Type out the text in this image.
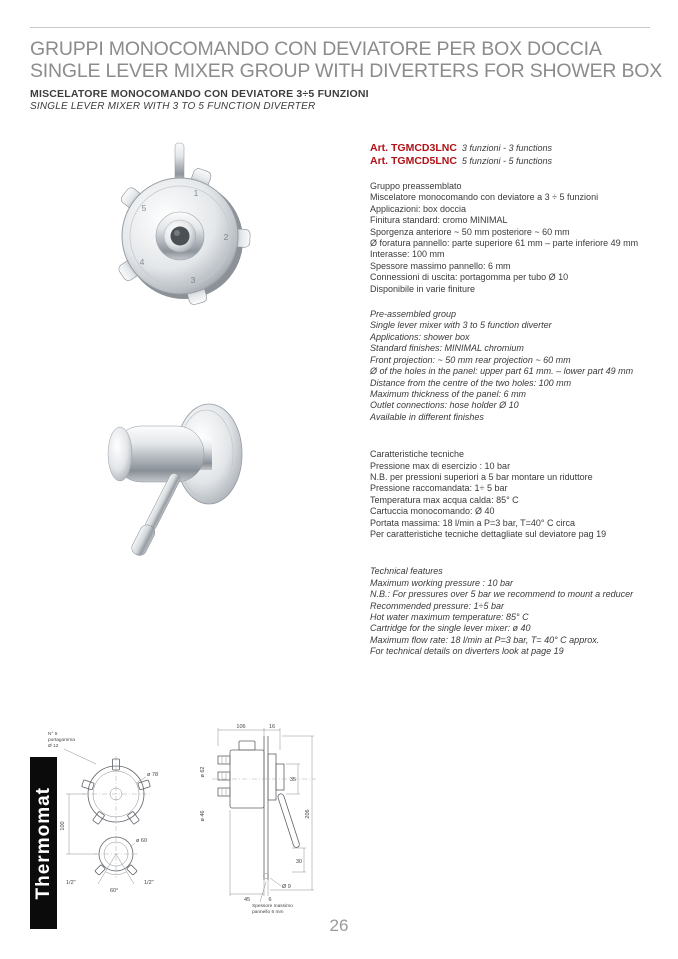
GRUPPI MONOCOMANDO CON DEVIATORE PER BOX DOCCIA
SINGLE LEVER MIXER GROUP WITH DIVERTERS FOR SHOWER BOX
MISCELATORE MONOCOMANDO CON DEVIATORE 3÷5 FUNZIONI
SINGLE LEVER MIXER WITH 3 TO 5 FUNCTION DIVERTER
1
2
3
4
5
Art. TGMCD3LNC 3 funzioni - 3 functions
Art. TGMCD5LNC 5 funzioni - 5 functions
Gruppo preassemblato
Miscelatore monocomando con deviatore a 3 ÷ 5 funzioni
Applicazioni: box doccia
Finitura standard: cromo MINIMAL
Sporgenza anteriore ~ 50 mm posteriore ~ 60 mm
Ø foratura pannello: parte superiore 61 mm – parte inferiore 49 mm
Interasse: 100 mm
Spessore massimo pannello: 6 mm
Connessioni di uscita: portagomma per tubo Ø 10
Disponibile in varie finiture
Pre-assembled group
Single lever mixer with 3 to 5 function diverter
Applications: shower box
Standard finishes: MINIMAL chromium
Front projection: ~ 50 mm rear projection ~ 60 mm
Ø of the holes in the panel: upper part 61 mm. – lower part 49 mm
Distance from the centre of the two holes: 100 mm
Maximum thickness of the panel: 6 mm
Outlet connections: hose holder Ø 10
Available in different finishes
Caratteristiche tecniche
Pressione max di esercizio : 10 bar
N.B. per pressioni superiori a 5 bar montare un riduttore
Pressione raccomandata: 1÷ 5 bar
Temperatura max acqua calda: 85° C
Cartuccia monocomando: Ø 40
Portata massima: 18 l/min a P=3 bar, T=40° C circa
Per caratteristiche tecniche dettagliate sul deviatore pag 19
Technical features
Maximum working pressure : 10 bar
N.B.: For pressures over 5 bar we recommend to mount a reducer
Recommended pressure: 1÷5 bar
Hot water maximum temperature: 85° C
Cartridge for the single lever mixer: ø 40
Maximum flow rate: 18 l/min at P=3 bar, T= 40° C approx.
For technical details on diverters look at page 19
Thermomat
N° 5
portagomma
Ø 12
ø 78
100
ø 60
1/2"	1/2"
60°
106	16
206
35
30
ø 62
ø 46
45	6
Ø 9
Spessore massimo
pannello 6 mm
26
